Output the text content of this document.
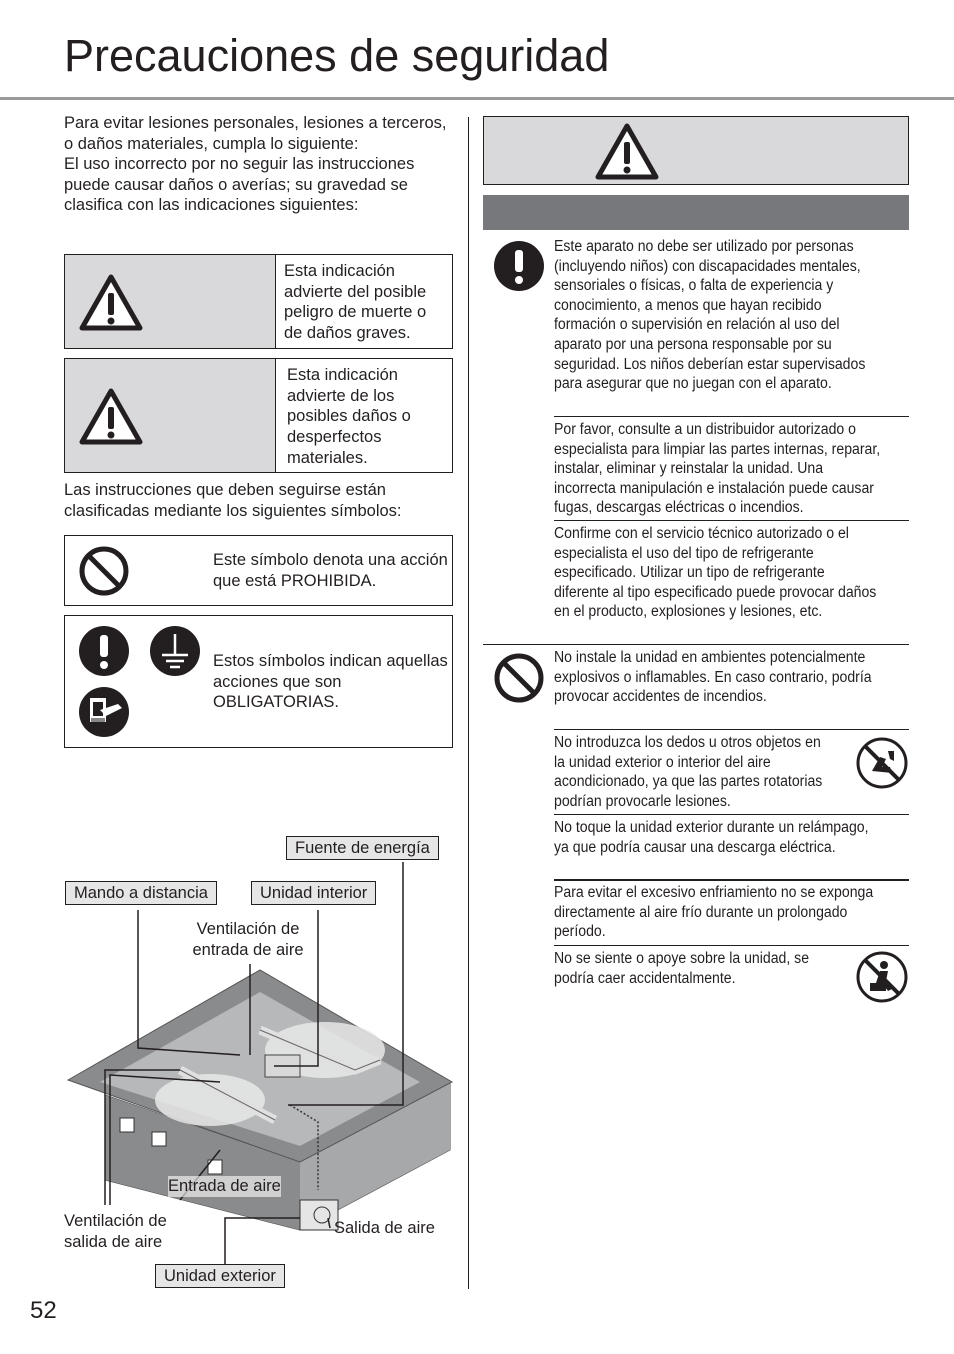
Precauciones de seguridad
Para evitar lesiones personales, lesiones a terceros, o daños materiales, cumpla lo siguiente:
El uso incorrecto por no seguir las instrucciones puede causar daños o averías; su gravedad se clasifica con las indicaciones siguientes:
Esta indicación advierte del posible peligro de muerte o de daños graves.
Esta indicación advierte de los posibles daños o desperfectos materiales.
Las instrucciones que deben seguirse están clasificadas mediante los siguientes símbolos:
Este símbolo denota una acción que está PROHIBIDA.
Estos símbolos indican aquellas acciones que son OBLIGATORIAS.
Fuente de energía
Mando a distancia	Unidad interior
Ventilación de entrada de aire
Entrada de aire
Ventilación de salida de aire
Salida de aire
Unidad exterior
52
Este aparato no debe ser utilizado por personas (incluyendo niños) con discapacidades mentales, sensoriales o físicas, o falta de experiencia y conocimiento, a menos que hayan recibido formación o supervisión en relación al uso del aparato por una persona responsable por su seguridad. Los niños deberían estar supervisados para asegurar que no juegan con el aparato.
Por favor, consulte a un distribuidor autorizado o especialista para limpiar las partes internas, reparar, instalar, eliminar y reinstalar la unidad. Una incorrecta manipulación e instalación puede causar fugas, descargas eléctricas o incendios.
Confirme con el servicio técnico autorizado o el especialista el uso del tipo de refrigerante especificado. Utilizar un tipo de refrigerante diferente al tipo especificado puede provocar daños en el producto, explosiones y lesiones, etc.
No instale la unidad en ambientes potencialmente explosivos o inflamables. En caso contrario, podría provocar accidentes de incendios.
No introduzca los dedos u otros objetos en la unidad exterior o interior del aire acondicionado, ya que las partes rotatorias podrían provocarle lesiones.
No toque la unidad exterior durante un relámpago, ya que podría causar una descarga eléctrica.
Para evitar el excesivo enfriamiento no se exponga directamente al aire frío durante un prolongado período.
No se siente o apoye sobre la unidad, se podría caer accidentalmente.
